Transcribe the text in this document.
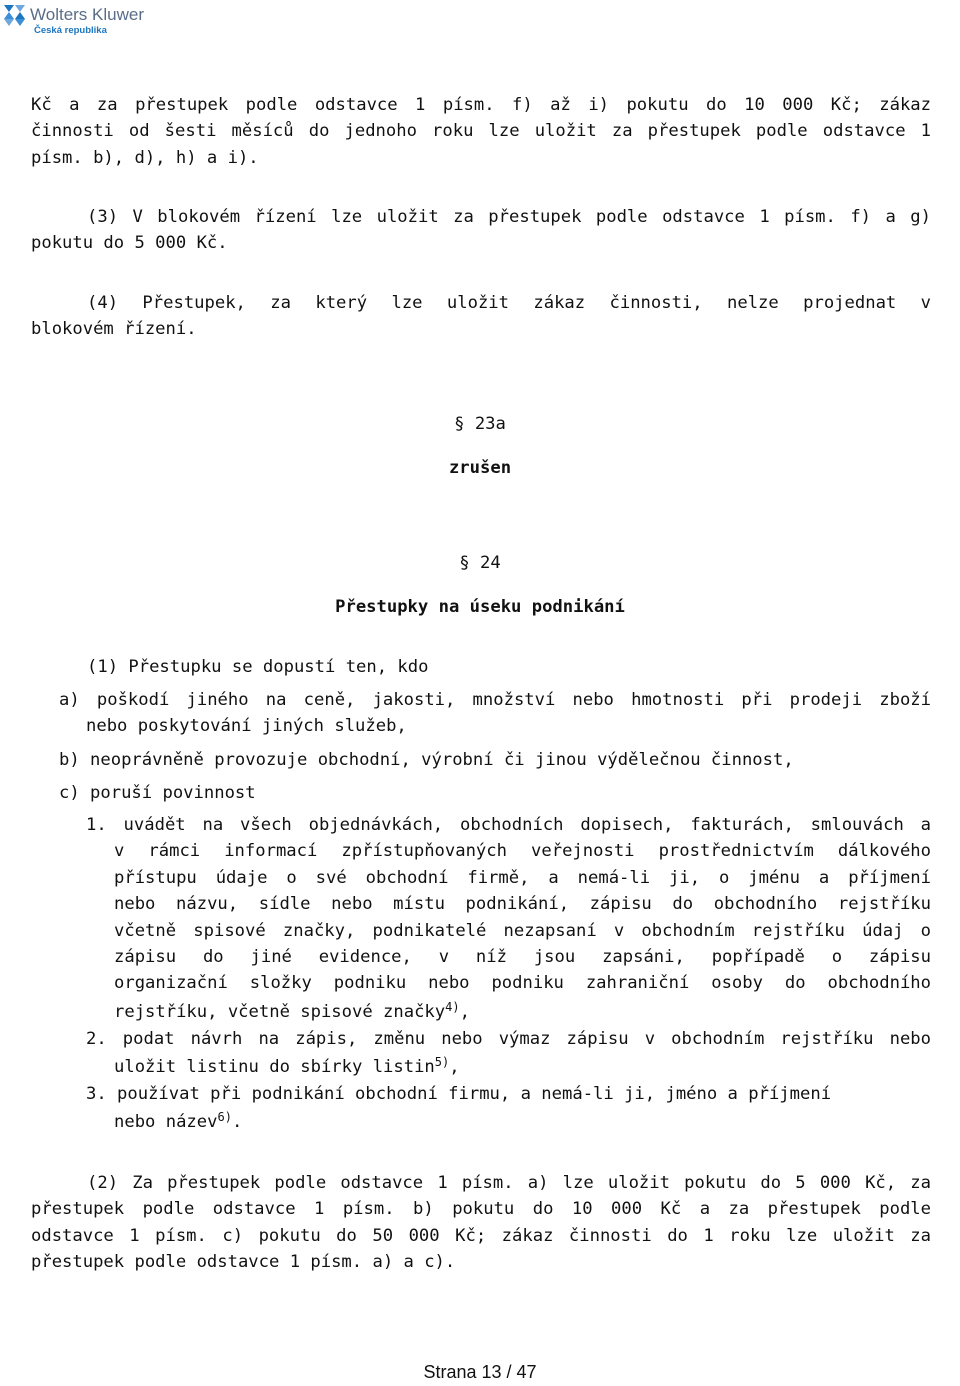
Wolters Kluwer
Česká republika
Kč a za přestupek podle odstavce 1 písm. f) až i) pokutu do 10 000 Kč; zákaz
činnosti od šesti měsíců do jednoho roku lze uložit za přestupek podle odstavce 1
písm. b), d), h) a i).
(3) V blokovém řízení lze uložit za přestupek podle odstavce 1 písm. f) a g)
pokutu do 5 000 Kč.
(4) Přestupek, za který lze uložit zákaz činnosti, nelze projednat v
blokovém řízení.
§ 23a
zrušen
§ 24
Přestupky na úseku podnikání
(1) Přestupku se dopustí ten, kdo
a) poškodí jiného na ceně, jakosti, množství nebo hmotnosti při prodeji zboží
nebo poskytování jiných služeb,
b) neoprávněně provozuje obchodní, výrobní či jinou výdělečnou činnost,
c) poruší povinnost
1. uvádět na všech objednávkách, obchodních dopisech, fakturách, smlouvách a
v rámci informací zpřístupňovaných veřejnosti prostřednictvím dálkového
přístupu údaje o své obchodní firmě, a nemá-li ji, o jménu a příjmení
nebo názvu, sídle nebo místu podnikání, zápisu do obchodního rejstříku
včetně spisové značky, podnikatelé nezapsaní v obchodním rejstříku údaj o
zápisu do jiné evidence, v níž jsou zapsáni, popřípadě o zápisu
organizační složky podniku nebo podniku zahraniční osoby do obchodního
rejstříku, včetně spisové značky$^{4)}$,
2. podat návrh na zápis, změnu nebo výmaz zápisu v obchodním rejstříku nebo
uložit listinu do sbírky listin$^{5)}$,
3. používat při podnikání obchodní firmu, a nemá-li ji, jméno a příjmení
nebo název$^{6)}$.
(2) Za přestupek podle odstavce 1 písm. a) lze uložit pokutu do 5 000 Kč, za
přestupek podle odstavce 1 písm. b) pokutu do 10 000 Kč a za přestupek podle
odstavce 1 písm. c) pokutu do 50 000 Kč; zákaz činnosti do 1 roku lze uložit za
přestupek podle odstavce 1 písm. a) a c).
Strana 13 / 47
